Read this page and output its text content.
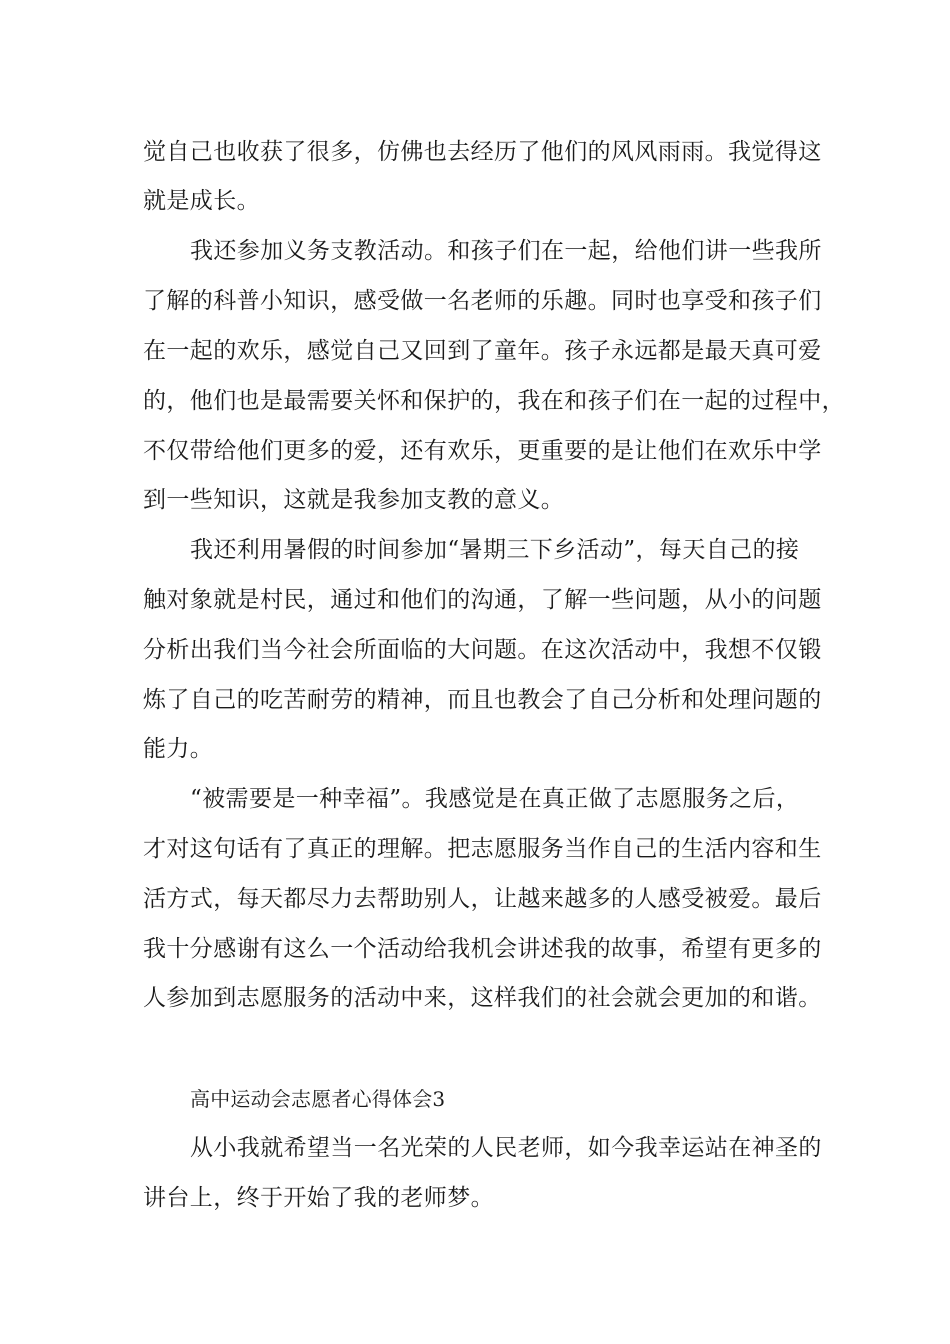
觉自己也收获了很多，仿佛也去经历了他们的风风雨雨。我觉得这
就是成长。
我还参加义务支教活动。和孩子们在一起，给他们讲一些我所
了解的科普小知识，感受做一名老师的乐趣。同时也享受和孩子们
在一起的欢乐，感觉自己又回到了童年。孩子永远都是最天真可爱
的，他们也是最需要关怀和保护的，我在和孩子们在一起的过程中，
不仅带给他们更多的爱，还有欢乐，更重要的是让他们在欢乐中学
到一些知识，这就是我参加支教的意义。
我还利用暑假的时间参加“暑期三下乡活动”，每天自己的接
触对象就是村民，通过和他们的沟通，了解一些问题，从小的问题
分析出我们当今社会所面临的大问题。在这次活动中，我想不仅锻
炼了自己的吃苦耐劳的精神，而且也教会了自己分析和处理问题的
能力。
“被需要是一种幸福”。我感觉是在真正做了志愿服务之后，
才对这句话有了真正的理解。把志愿服务当作自己的生活内容和生
活方式，每天都尽力去帮助别人，让越来越多的人感受被爱。最后
我十分感谢有这么一个活动给我机会讲述我的故事，希望有更多的
人参加到志愿服务的活动中来，这样我们的社会就会更加的和谐。
高中运动会志愿者心得体会3
从小我就希望当一名光荣的人民老师，如今我幸运站在神圣的
讲台上，终于开始了我的老师梦。
